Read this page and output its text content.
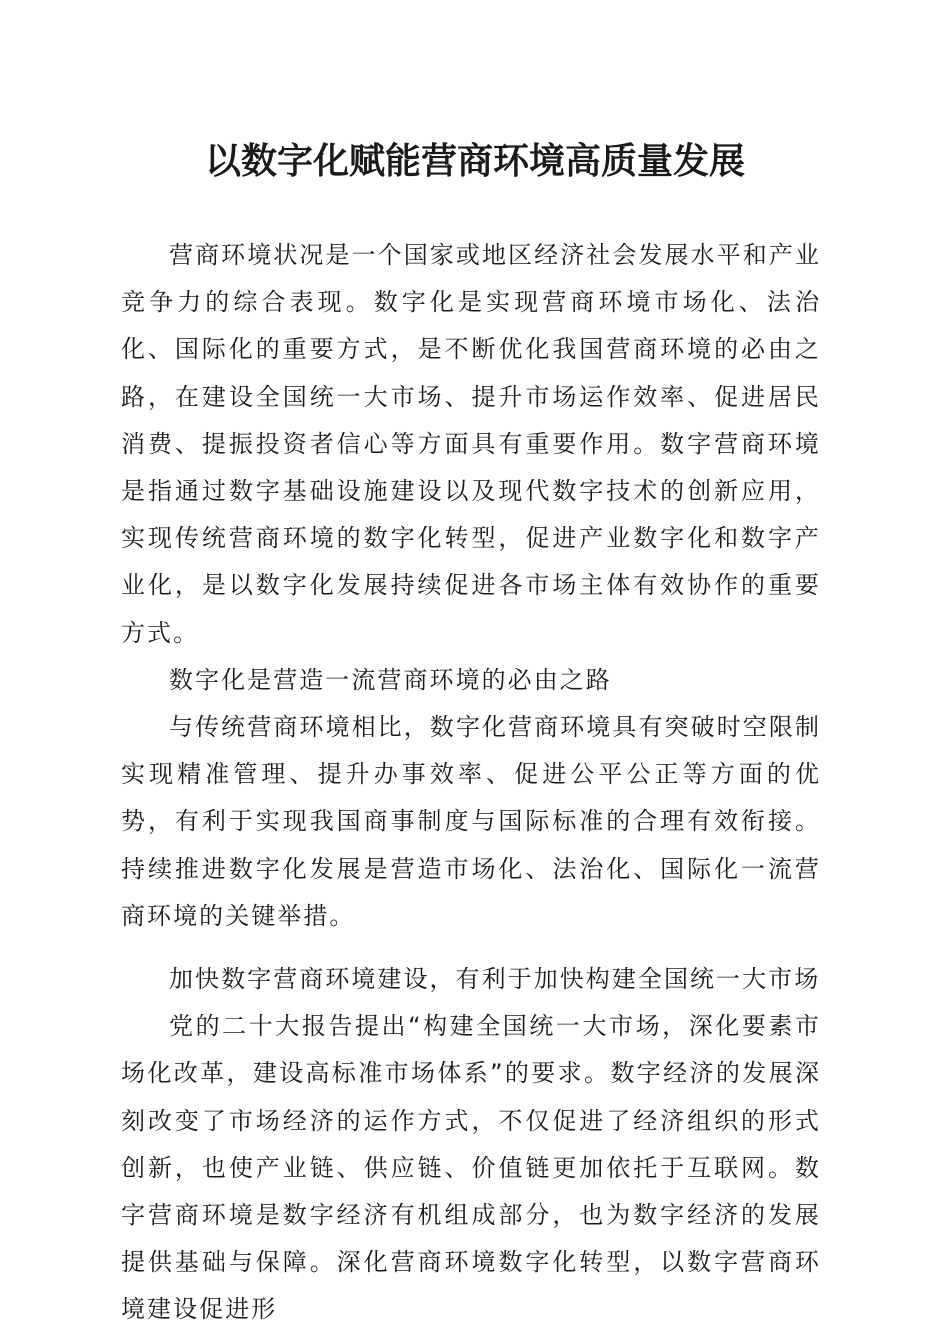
以数字化赋能营商环境高质量发展

营商环境状况是一个国家或地区经济社会发展水平和产业竞争力的综合表现。数字化是实现营商环境市场化、法治化、国际化的重要方式，是不断优化我国营商环境的必由之路，在建设全国统一大市场、提升市场运作效率、促进居民消费、提振投资者信心等方面具有重要作用。数字营商环境是指通过数字基础设施建设以及现代数字技术的创新应用，实现传统营商环境的数字化转型，促进产业数字化和数字产业化，是以数字化发展持续促进各市场主体有效协作的重要方式。

数字化是营造一流营商环境的必由之路

与传统营商环境相比，数字化营商环境具有突破时空限制实现精准管理、提升办事效率、促进公平公正等方面的优势，有利于实现我国商事制度与国际标准的合理有效衔接。持续推进数字化发展是营造市场化、法治化、国际化一流营商环境的关键举措。

加快数字营商环境建设，有利于加快构建全国统一大市场

党的二十大报告提出“构建全国统一大市场，深化要素市场化改革，建设高标准市场体系”的要求。数字经济的发展深刻改变了市场经济的运作方式，不仅促进了经济组织的形式创新，也使产业链、供应链、价值链更加依托于互联网。数字营商环境是数字经济有机组成部分，也为数字经济的发展提供基础与保障。深化营商环境数字化转型，以数字营商环境建设促进形
